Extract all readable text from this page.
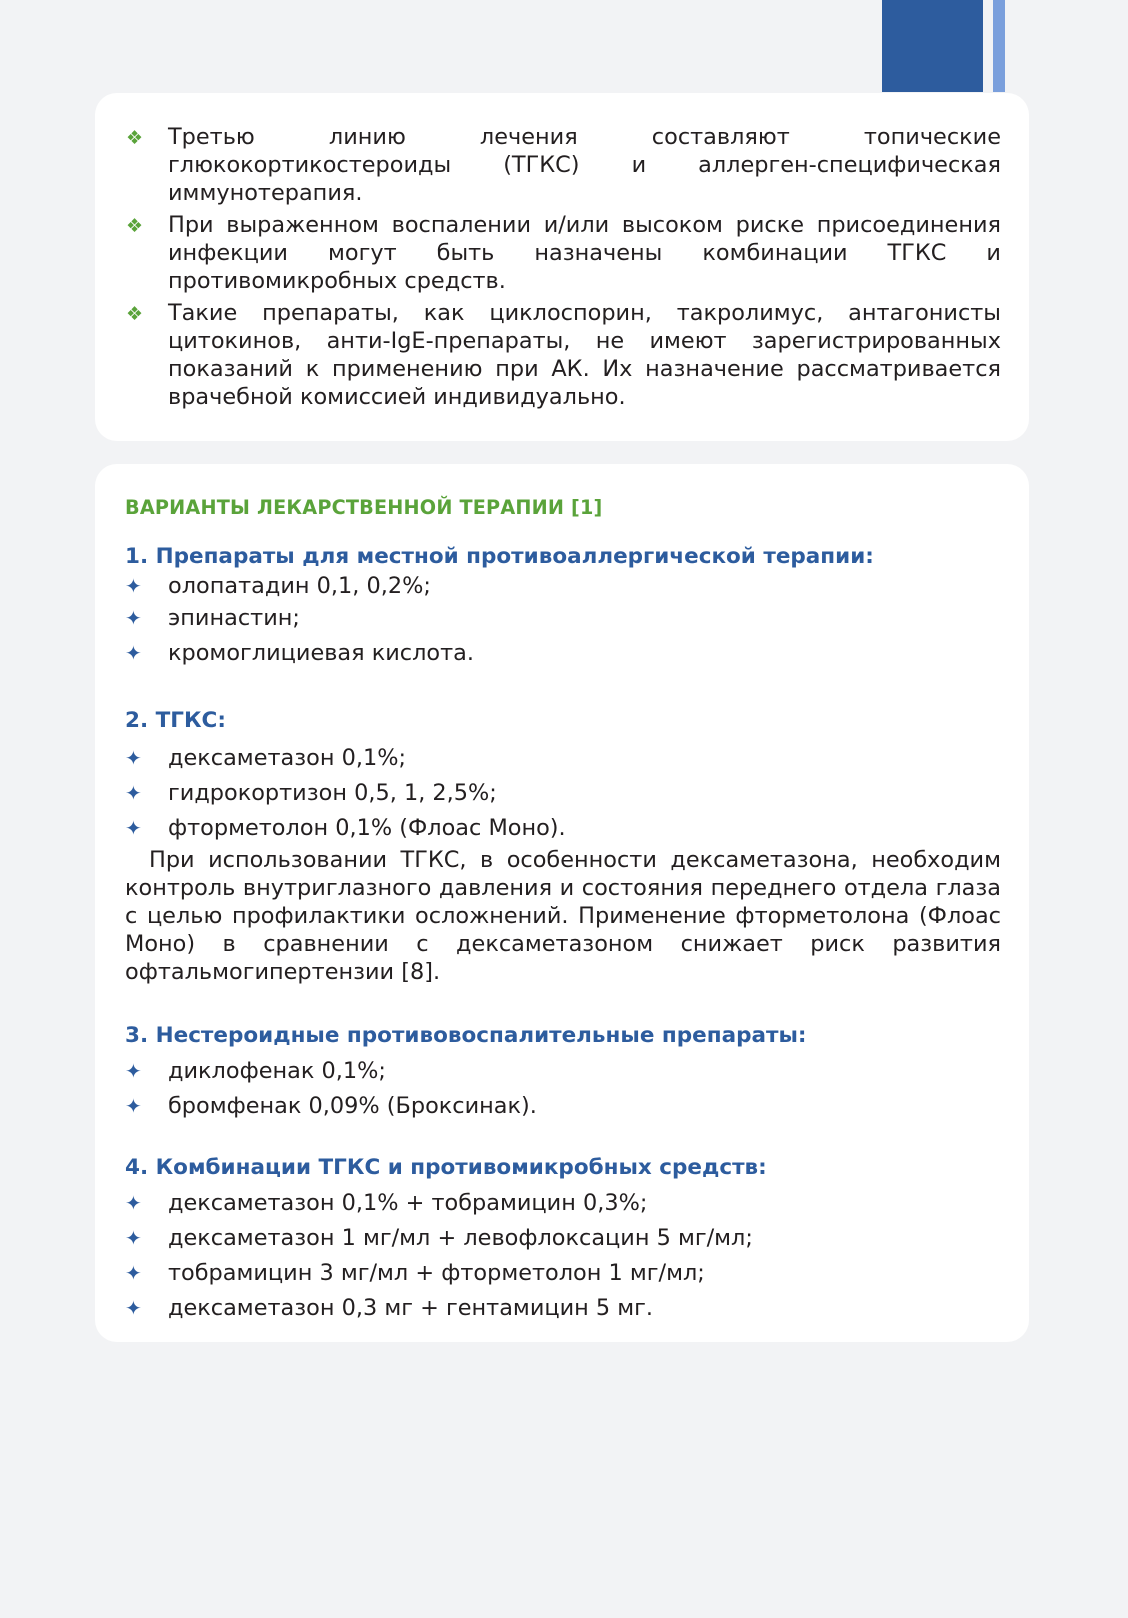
❖ Третью линию лечения составляют топические глюкокортикостероиды (ТГКС) и аллерген-специфическая иммунотерапия.
❖ При выраженном воспалении и/или высоком риске присоединения инфекции могут быть назначены комбинации ТГКС и противомикробных средств.
❖ Такие препараты, как циклоспорин, такролимус, антагонисты цитокинов, анти-IgE-препараты, не имеют зарегистрированных показаний к применению при АК. Их назначение рассматривается врачебной комиссией индивидуально.
ВАРИАНТЫ ЛЕКАРСТВЕННОЙ ТЕРАПИИ [1]
1. Препараты для местной противоаллергической терапии:
✦ олопатадин 0,1, 0,2%;
✦ эпинастин;
✦ кромоглициевая кислота.
2. ТГКС:
✦ дексаметазон 0,1%;
✦ гидрокортизон 0,5, 1, 2,5%;
✦ фторметолон 0,1% (Флоас Моно).
При использовании ТГКС, в особенности дексаметазона, необходим контроль внутриглазного давления и состояния переднего отдела глаза с целью профилактики осложнений. Применение фторметолона (Флоас Моно) в сравнении с дексаметазоном снижает риск развития офтальмогипертензии [8].
3. Нестероидные противовоспалительные препараты:
✦ диклофенак 0,1%;
✦ бромфенак 0,09% (Броксинак).
4. Комбинации ТГКС и противомикробных средств:
✦ дексаметазон 0,1% + тобрамицин 0,3%;
✦ дексаметазон 1 мг/мл + левофлоксацин 5 мг/мл;
✦ тобрамицин 3 мг/мл + фторметолон 1 мг/мл;
✦ дексаметазон 0,3 мг + гентамицин 5 мг.
